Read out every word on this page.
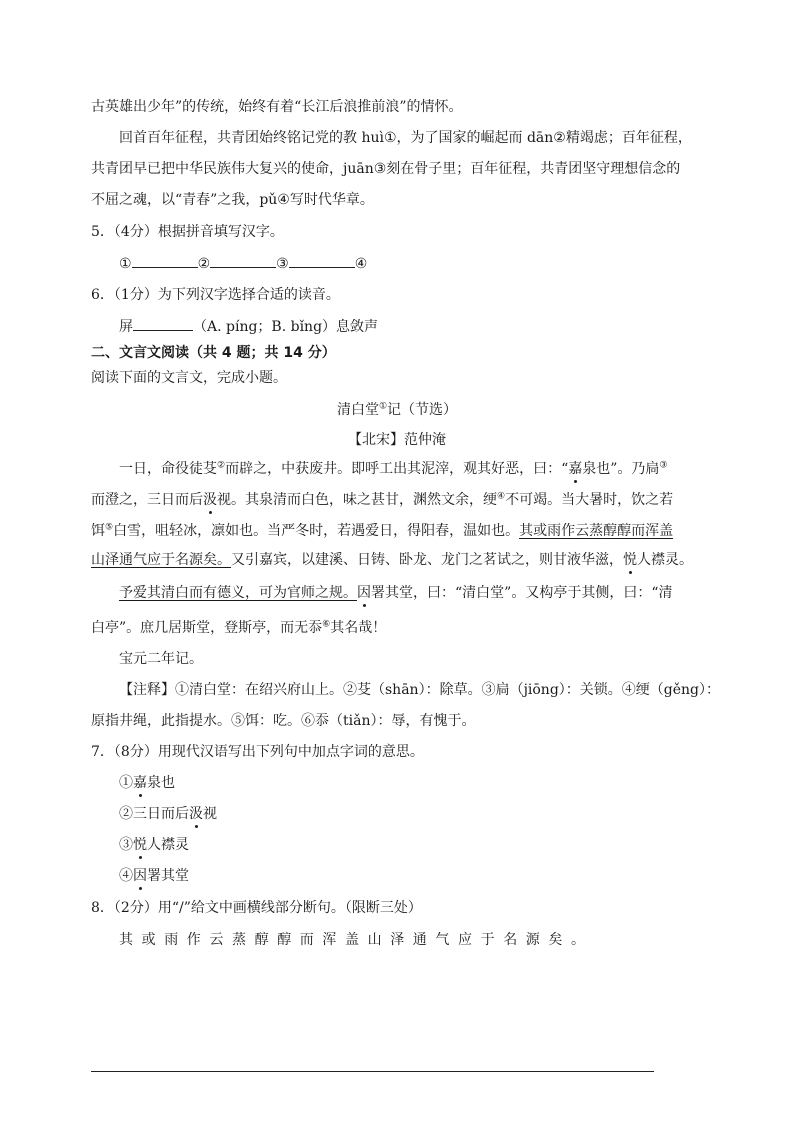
古英雄出少年”的传统，始终有着“长江后浪推前浪”的情怀。
回首百年征程，共青团始终铭记党的教 huì①，为了国家的崛起而 dān②精竭虑；百年征程，
共青团早已把中华民族伟大复兴的使命，juān③刻在骨子里；百年征程，共青团坚守理想信念的
不屈之魂，以“青春”之我，pǔ④写时代华章。
5．（4分）根据拼音填写汉字。
①	②	③	④
6．（1分）为下列汉字选择合适的读音。
屏	（A. píng；B. bǐng）息敛声
二、文言文阅读（共 4 题；共 14 分）
阅读下面的文言文，完成小题。
清白堂①记（节选）
【北宋】范仲淹
一日，命役徒芟②而辟之，中获废井。即呼工出其泥滓，观其好恶，曰：“嘉泉也”。乃扃③
而澄之，三日而后汲视。其泉清而白色，味之甚甘，渊然文余，绠④不可竭。当大暑时，饮之若
饵⑤白雪，咀轻冰，凛如也。当严冬时，若遇爱日，得阳春，温如也。其或雨作云蒸醇醇而浑盖
山泽通气应于名源矣。又引嘉宾，以建溪、日铸、卧龙、龙门之茗试之，则甘液华滋，悦人襟灵。
予爱其清白而有德义，可为官师之规。因署其堂，曰：“清白堂”。又构亭于其侧，曰：“清
白亭”。庶几居斯堂，登斯亭，而无忝⑥其名哉！
宝元二年记。
【注释】①清白堂：在绍兴府山上。②芟（shān）：除草。③扃（jiōng）：关锁。④绠（gěng）：
原指井绳，此指提水。⑤饵：吃。⑥忝（tiǎn）：辱，有愧于。
7．（8分）用现代汉语写出下列句中加点字词的意思。
①嘉泉也
②三日而后汲视
③悦人襟灵
④因署其堂
8．（2分）用“/”给文中画横线部分断句。（限断三处）
其或雨作云蒸醇醇而浑盖山泽通气应于名源矣。
